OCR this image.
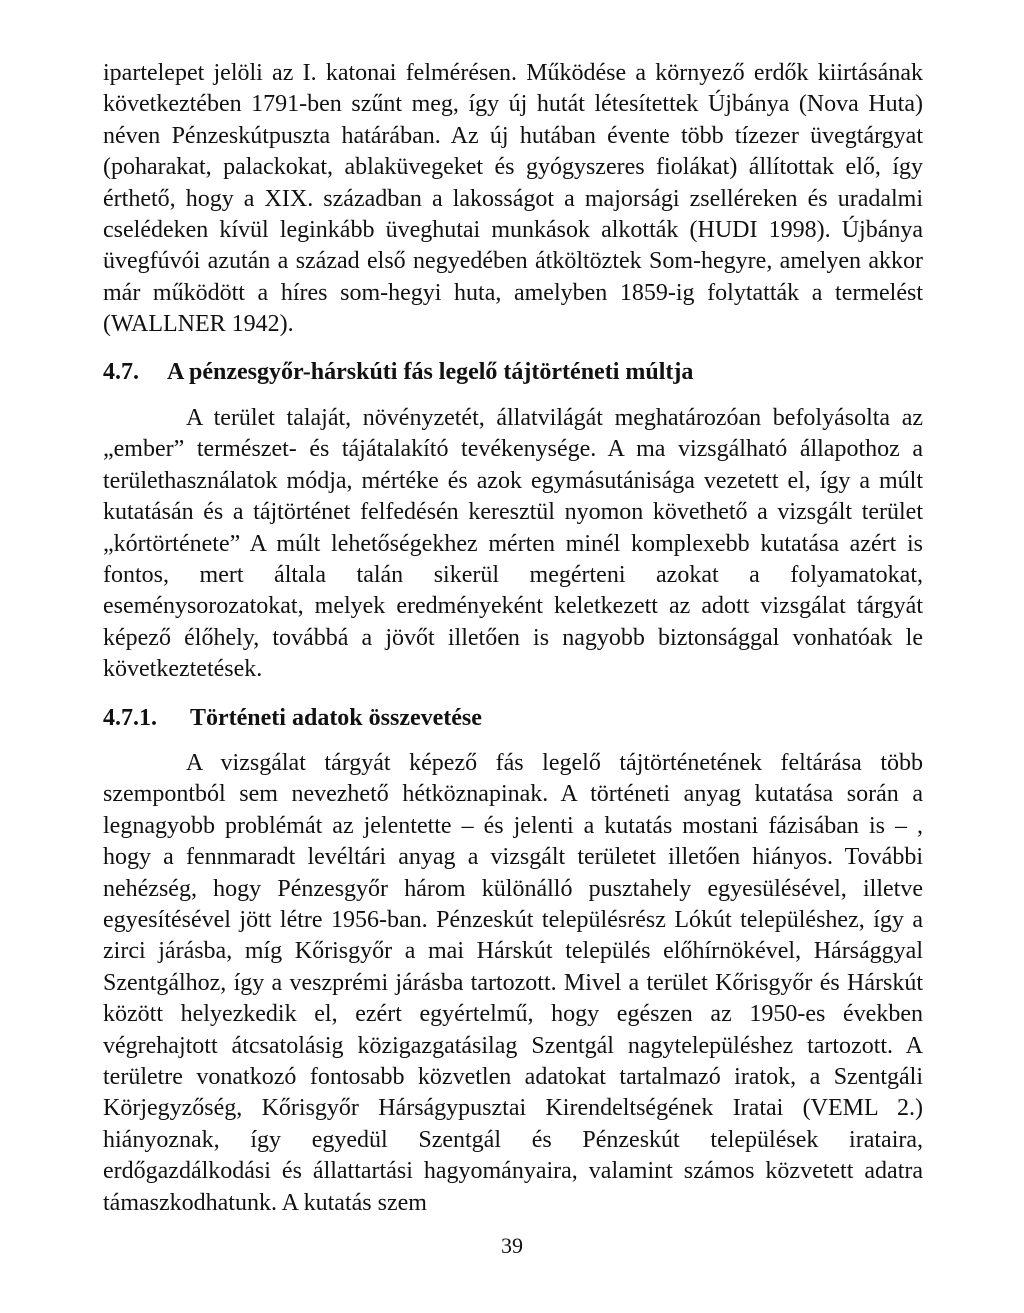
ipartelepet jelöli az I. katonai felmérésen. Működése a környező erdők kiirtásának következtében 1791-ben szűnt meg, így új hutát létesítettek Újbánya (Nova Huta) néven Pénzeskútpuszta határában. Az új hutában évente több tízezer üvegtárgyat (poharakat, palackokat, ablaküvegeket és gyógyszeres fiolákat) állítottak elő, így érthető, hogy a XIX. században a lakosságot a majorsági zselléreken és uradalmi cselédeken kívül leginkább üveghutai munkások alkották (HUDI 1998). Újbánya üvegfúvói azután a század első negyedében átköltöztek Som-hegyre, amelyen akkor már működött a híres som-hegyi huta, amelyben 1859-ig folytatták a termelést (WALLNER 1942).
4.7. A pénzesgyőr-hárskúti fás legelő tájtörténeti múltja
A terület talaját, növényzetét, állatvilágát meghatározóan befolyásolta az „ember” természet- és tájátalakító tevékenysége. A ma vizsgálható állapothoz a területhasználatok módja, mértéke és azok egymásutánisága vezetett el, így a múlt kutatásán és a tájtörténet felfedésén keresztül nyomon követhető a vizsgált terület „kórtörténete” A múlt lehetőségekhez mérten minél komplexebb kutatása azért is fontos, mert általa talán sikerül megérteni azokat a folyamatokat, eseménysorozatokat, melyek eredményeként keletkezett az adott vizsgálat tárgyát képező élőhely, továbbá a jövőt illetően is nagyobb biztonsággal vonhatóak le következtetések.
4.7.1. Történeti adatok összevetése
A vizsgálat tárgyát képező fás legelő tájtörténetének feltárása több szempontból sem nevezhető hétköznapinak. A történeti anyag kutatása során a legnagyobb problémát az jelentette – és jelenti a kutatás mostani fázisában is – , hogy a fennmaradt levéltári anyag a vizsgált területet illetően hiányos. További nehézség, hogy Pénzesgyőr három különálló pusztahely egyesülésével, illetve egyesítésével jött létre 1956-ban. Pénzeskút településrész Lókút településhez, így a zirci járásba, míg Kőrisgyőr a mai Hárskút település előhírnökével, Hársággyal Szentgálhoz, így a veszprémi járásba tartozott. Mivel a terület Kőrisgyőr és Hárskút között helyezkedik el, ezért egyértelmű, hogy egészen az 1950-es években végrehajtott átcsatolásig közigazgatásilag Szentgál nagytelepüléshez tartozott. A területre vonatkozó fontosabb közvetlen adatokat tartalmazó iratok, a Szentgáli Körjegyzőség, Kőrisgyőr Hárságypusztai Kirendeltségének Iratai (VEML 2.) hiányoznak, így egyedül Szentgál és Pénzeskút települések irataira, erdőgazdálkodási és állattartási hagyományaira, valamint számos közvetett adatra támaszkodhatunk. A kutatás szem
39
